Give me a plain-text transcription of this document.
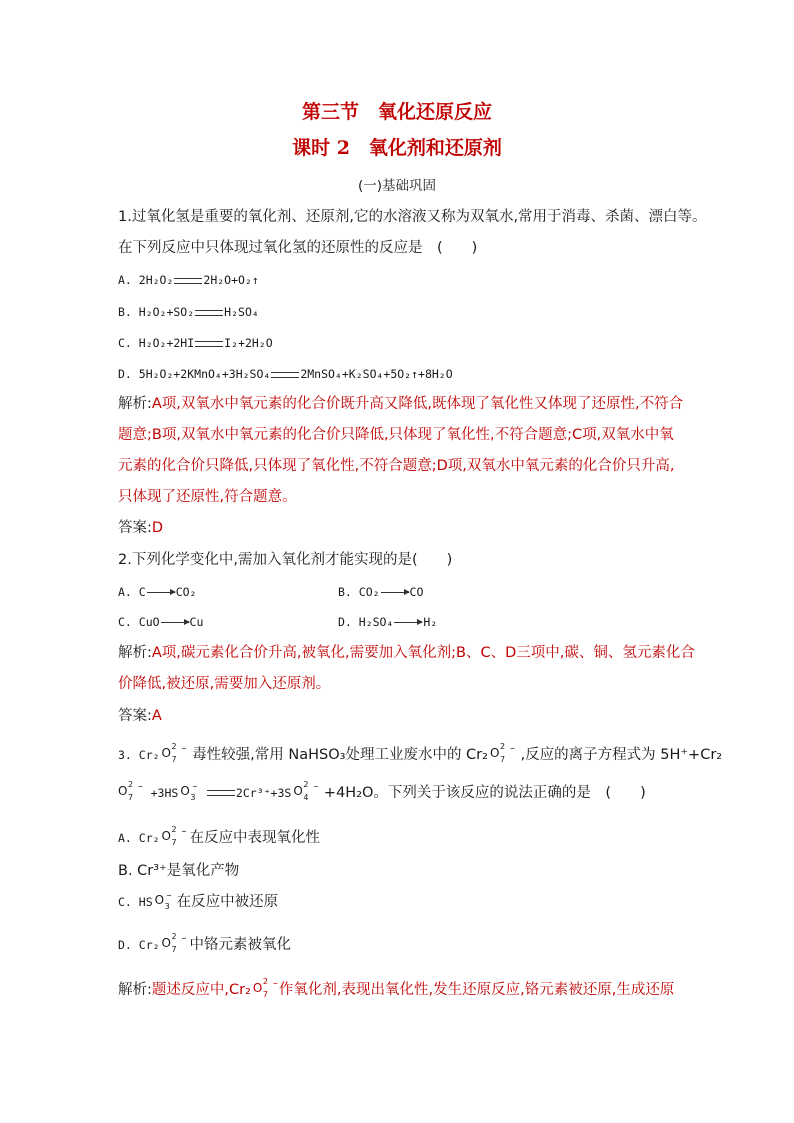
第三节　氧化还原反应
课时 2　氧化剂和还原剂
(一)基础巩固
1.过氧化氢是重要的氧化剂、还原剂,它的水溶液又称为双氧水,常用于消毒、杀菌、漂白等。
在下列反应中只体现过氧化氢的还原性的反应是　(　　)
A. 2H₂O₂	2H₂O+O₂↑
B. H₂O₂+SO₂	H₂SO₄
C. H₂O₂+2HI	I₂+2H₂O
D. 5H₂O₂+2KMnO₄+3H₂SO₄	2MnSO₄+K₂SO₄+5O₂↑+8H₂O
解析:A项,双氧水中氧元素的化合价既升高又降低,既体现了氧化性又体现了还原性,不符合
题意;B项,双氧水中氧元素的化合价只降低,只体现了氧化性,不符合题意;C项,双氧水中氧
元素的化合价只降低,只体现了氧化性,不符合题意;D项,双氧水中氧元素的化合价只升高,
只体现了还原性,符合题意。
答案:D
2.下列化学变化中,需加入氧化剂才能实现的是(　　)
A. C	CO₂	B. CO₂	CO
C. CuO	Cu	D. H₂SO₄	H₂
解析:A项,碳元素化合价升高,被氧化,需要加入氧化剂;B、C、D三项中,碳、铜、氢元素化合
价降低,被还原,需要加入还原剂。
答案:A
3. Cr₂ O 2
7
– 毒性较强,常用 NaHSO₃处理工业废水中的 Cr₂ O 2
7
– ,反应的离子方程式为 5H⁺+Cr₂
O 2
7
– +3HS O 3
–	2Cr³⁺+3S O 2
4
– +4H₂O。下列关于该反应的说法正确的是　(　　)
A. Cr₂ O 2
7
– 在反应中表现氧化性
B. Cr³⁺是氧化产物
C. HS O 3
– 在反应中被还原
D. Cr₂ O 2
7
– 中铬元素被氧化
解析:题述反应中,Cr₂ O 2
7
– 作氧化剂,表现出氧化性,发生还原反应,铬元素被还原,生成还原
